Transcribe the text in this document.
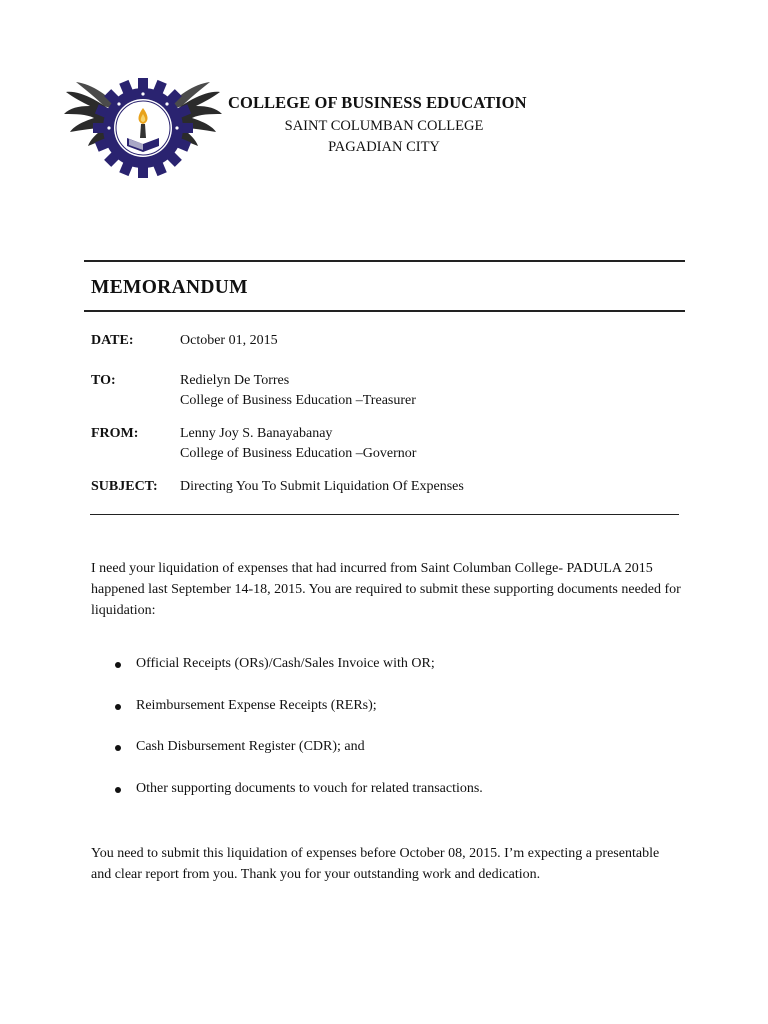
COLLEGE OF BUSINESS EDUCATION
SAINT COLUMBAN COLLEGE
PAGADIAN CITY
MEMORANDUM
DATE:	October 01, 2015
TO:	Redielyn De Torres
College of Business Education –Treasurer
FROM:	Lenny Joy S. Banayabanay
College of Business Education –Governor
SUBJECT: Directing You To Submit Liquidation Of Expenses
I need your liquidation of expenses that had incurred from Saint Columban College- PADULA 2015 happened last September 14-18, 2015. You are required to submit these supporting documents needed for liquidation:
Official Receipts (ORs)/Cash/Sales Invoice with OR;
Reimbursement Expense Receipts (RERs);
Cash Disbursement Register (CDR); and
Other supporting documents to vouch for related transactions.
You need to submit this liquidation of expenses before October 08, 2015. I’m expecting a presentable and clear report from you. Thank you for your outstanding work and dedication.
